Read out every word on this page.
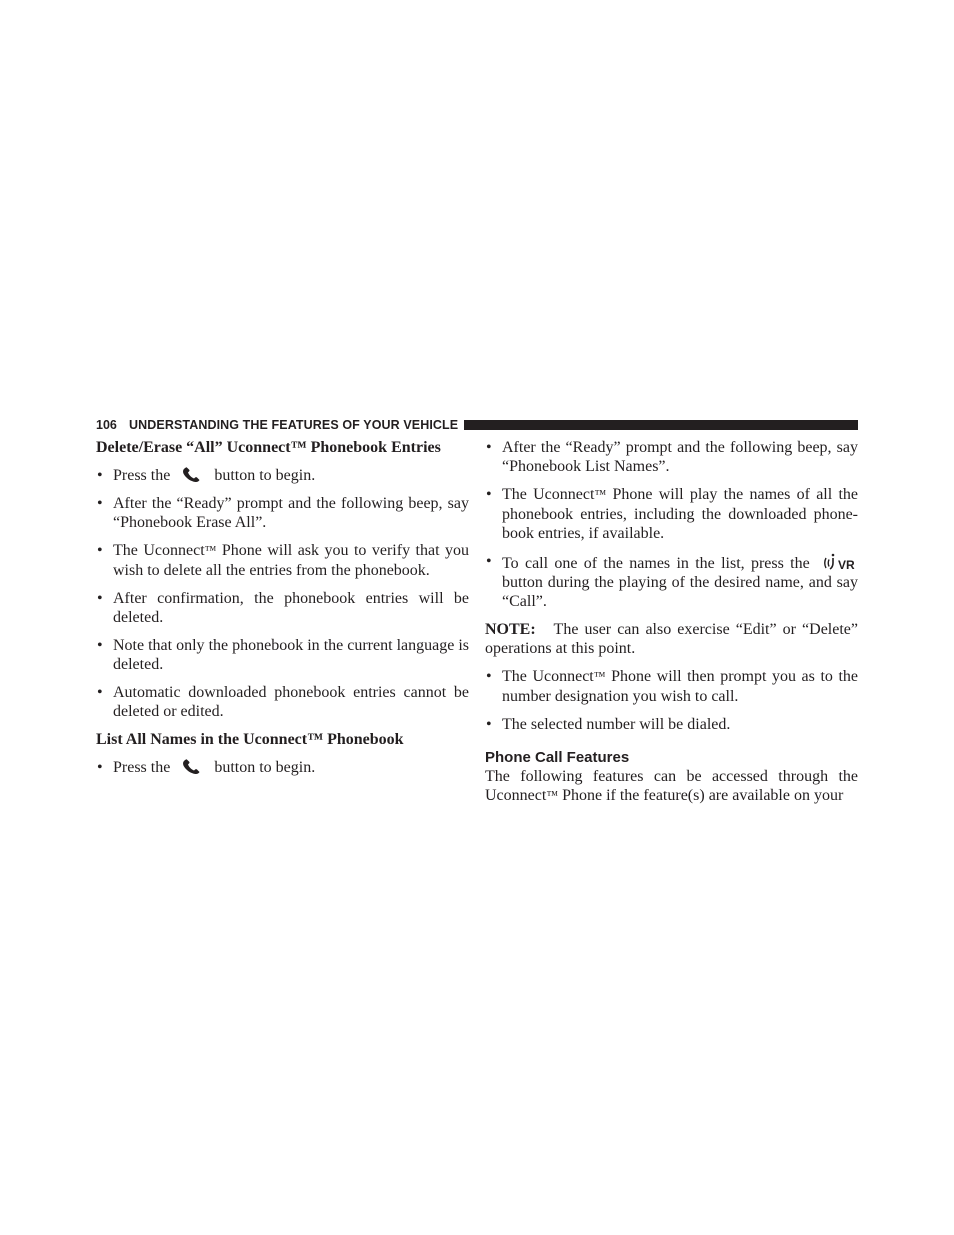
106 UNDERSTANDING THE FEATURES OF YOUR VEHICLE
Delete/Erase “All” Uconnect™ Phonebook Entries
• Press the	button to begin.
• After the “Ready” prompt and the following beep, say “Phonebook Erase All”.
• The Uconnect™ Phone will ask you to verify that you wish to delete all the entries from the phonebook.
• After confirmation, the phonebook entries will be deleted.
• Note that only the phonebook in the current language is deleted.
• Automatic downloaded phonebook entries cannot be deleted or edited.
List All Names in the Uconnect™ Phonebook
• Press the	button to begin.
• After the “Ready” prompt and the following beep, say “Phonebook List Names”.
• The Uconnect™ Phone will play the names of all the phonebook entries, including the downloaded phone-book entries, if available.
• To call one of the names in the list, press the VR
button during the playing of the desired name, and say “Call”.

NOTE: The user can also exercise “Edit” or “Delete” operations at this point.

• The Uconnect™ Phone will then prompt you as to the number designation you wish to call.
• The selected number will be dialed.
Phone Call Features

The following features can be accessed through the Uconnect™ Phone if the feature(s) are available on your
